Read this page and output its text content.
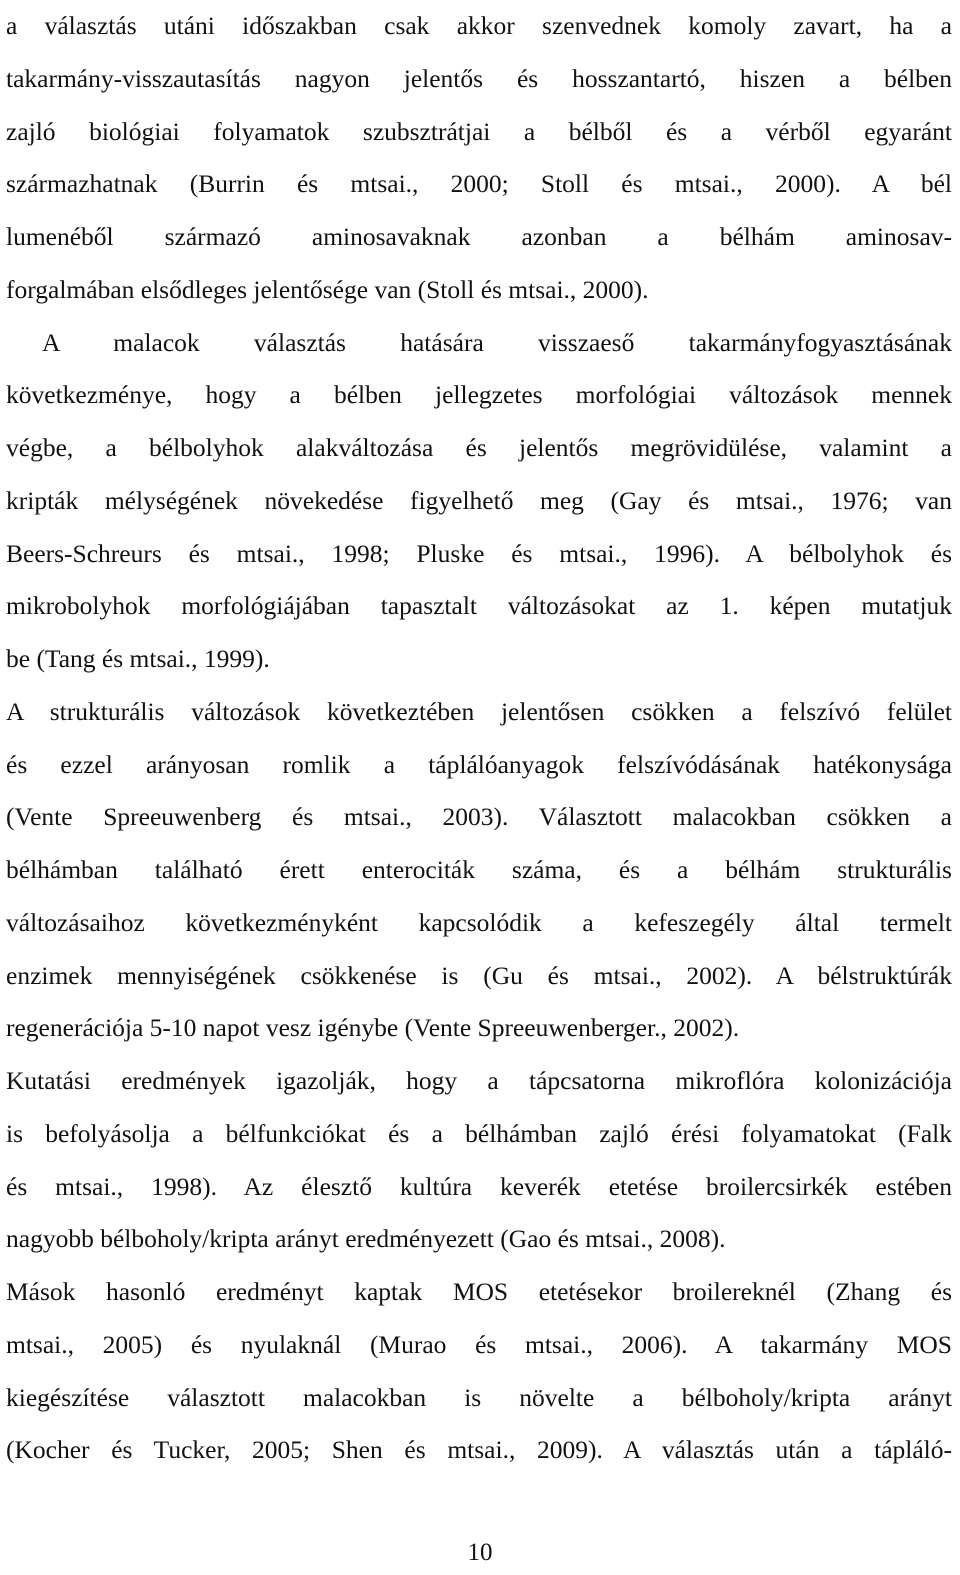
a választás utáni időszakban csak akkor szenvednek komoly zavart, ha a
takarmány-visszautasítás nagyon jelentős és hosszantartó, hiszen a bélben
zajló biológiai folyamatok szubsztrátjai a bélből és a vérből egyaránt
származhatnak (Burrin és mtsai., 2000; Stoll és mtsai., 2000). A bél
lumenéből származó aminosavaknak azonban a bélhám aminosav-
forgalmában elsődleges jelentősége van (Stoll és mtsai., 2000).
A malacok választás hatására visszaeső takarmányfogyasztásának
következménye, hogy a bélben jellegzetes morfológiai változások mennek
végbe, a bélbolyhok alakváltozása és jelentős megrövidülése, valamint a
kripták mélységének növekedése figyelhető meg (Gay és mtsai., 1976; van
Beers-Schreurs és mtsai., 1998; Pluske és mtsai., 1996). A bélbolyhok és
mikrobolyhok morfológiájában tapasztalt változásokat az 1. képen mutatjuk
be (Tang és mtsai., 1999).
A strukturális változások következtében jelentősen csökken a felszívó felület
és ezzel arányosan romlik a táplálóanyagok felszívódásának hatékonysága
(Vente Spreeuwenberg és mtsai., 2003). Választott malacokban csökken a
bélhámban található érett enterociták száma, és a bélhám strukturális
változásaihoz következményként kapcsolódik a kefeszegély által termelt
enzimek mennyiségének csökkenése is (Gu és mtsai., 2002). A bélstruktúrák
regenerációja 5-10 napot vesz igénybe (Vente Spreeuwenberger., 2002).
Kutatási eredmények igazolják, hogy a tápcsatorna mikroflóra kolonizációja
is befolyásolja a bélfunkciókat és a bélhámban zajló érési folyamatokat (Falk
és mtsai., 1998). Az élesztő kultúra keverék etetése broilercsirkék estében
nagyobb bélboholy/kripta arányt eredményezett (Gao és mtsai., 2008).
Mások hasonló eredményt kaptak MOS etetésekor broilereknél (Zhang és
mtsai., 2005) és nyulaknál (Murao és mtsai., 2006). A takarmány MOS
kiegészítése választott malacokban is növelte a bélboholy/kripta arányt
(Kocher és Tucker, 2005; Shen és mtsai., 2009). A választás után a tápláló-
10
